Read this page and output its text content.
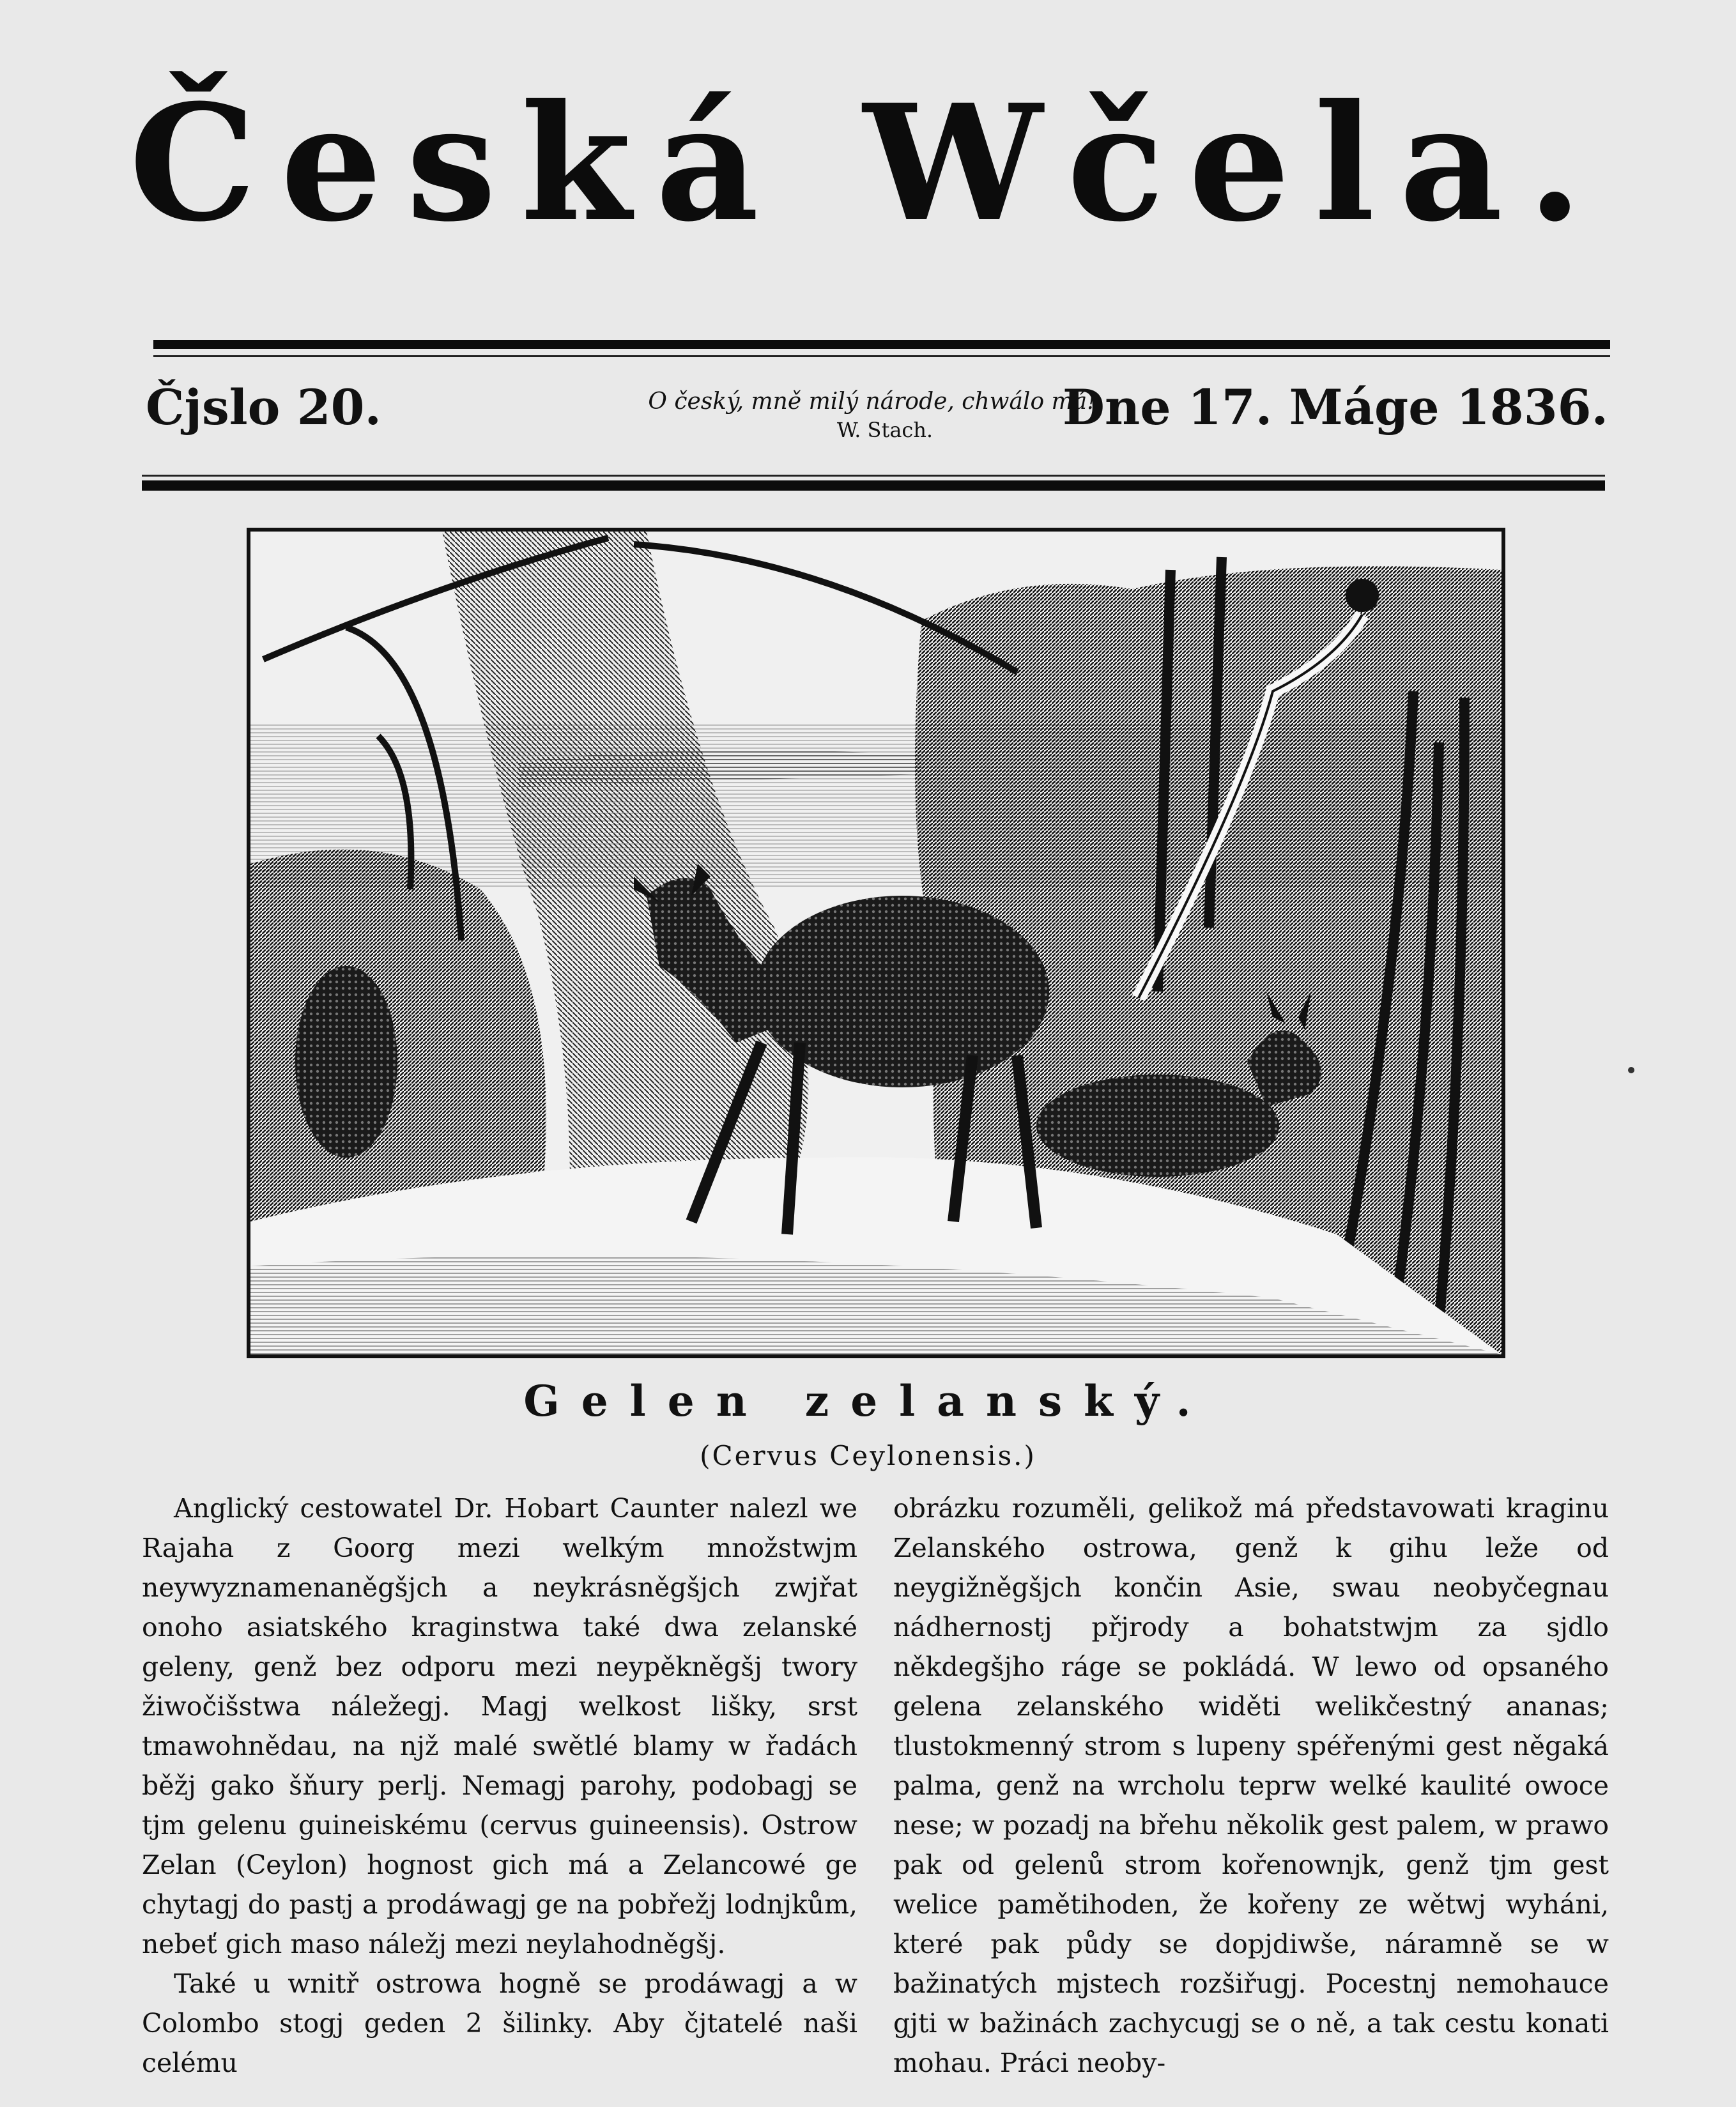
Česká Wčela.
Čjslo 20.	O český, mně milý národe, chwálo má!
W. Stach.	Dne 17. Máge 1836.
Gelen zelanský.
(Cervus Ceylonensis.)

Anglický cestowatel Dr. Hobart Caunter nalezl we Rajaha z Goorg mezi welkým množstwjm neywyznamenaněgšjch a neykrásněgšjch zwjřat onoho asiatského kraginstwa také dwa zelanské geleny, genž bez odporu mezi neypěkněgšj twory žiwočišstwa náležegj. Magj welkost lišky, srst tmawohnědau, na njž malé swětlé blamy w řadách běžj gako šňury perlj. Nemagj parohy, podobagj se tjm gelenu guineiskému (cervus guineensis). Ostrow Zelan (Ceylon) hognost gich má a Zelancowé ge chytagj do pastj a prodáwagj ge na pobřežj lodnjkům, nebeť gich maso náležj mezi neylahodněgšj.

Také u wnitř ostrowa hogně se prodáwagj a w Colombo stogj geden 2 šilinky. Aby čjtatelé naši celému

obrázku rozuměli, gelikož má představowati kraginu Zelanského ostrowa, genž k gihu leže od neygižněgšjch končin Asie, swau neobyčegnau nádhernostj přjrody a bohatstwjm za sjdlo někdegšjho ráge se pokládá. W lewo od opsaného gelena zelanského widěti welikčestný ananas; tlustokmenný strom s lupeny spéřenými gest něgaká palma, genž na wrcholu teprw welké kaulité owoce nese; w pozadj na břehu několik gest palem, w prawo pak od gelenů strom kořenownjk, genž tjm gest welice pamětihoden, že kořeny ze wětwj wyháni, které pak půdy se dopjdiwše, náramně se w bažinatých mjstech rozšiřugj. Pocestnj nemohauce gjti w bažinách zachycugj se o ně, a tak cestu konati mohau. Práci neoby-
